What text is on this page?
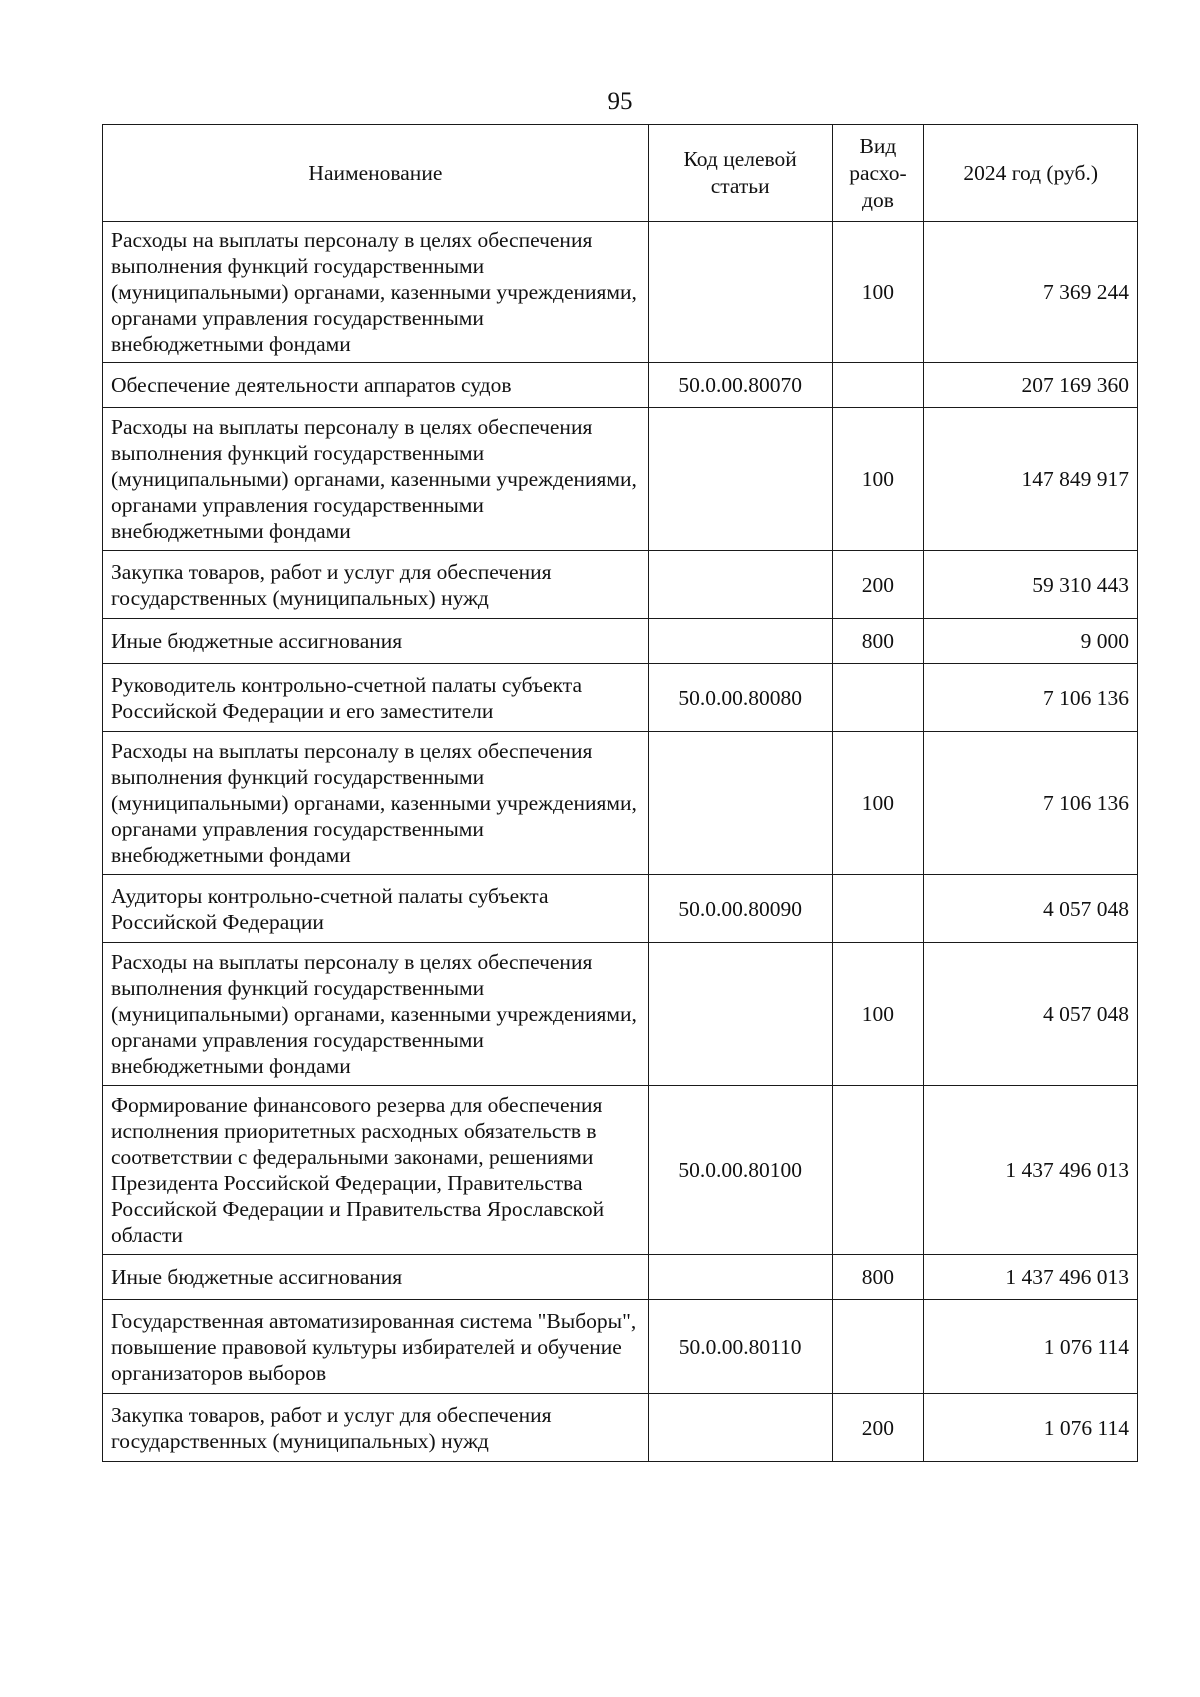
95
Наименование	Код целевой статьи	Вид расхо-дов	2024 год (руб.)
Расходы на выплаты персоналу в целях обеспечения выполнения функций государственными (муниципальными) органами, казенными учреждениями, органами управления государственными внебюджетными фондами		100	7 369 244
Обеспечение деятельности аппаратов судов	50.0.00.80070		207 169 360
Расходы на выплаты персоналу в целях обеспечения выполнения функций государственными (муниципальными) органами, казенными учреждениями, органами управления государственными внебюджетными фондами		100	147 849 917
Закупка товаров, работ и услуг для обеспечения государственных (муниципальных) нужд		200	59 310 443
Иные бюджетные ассигнования		800	9 000
Руководитель контрольно-счетной палаты субъекта Российской Федерации и его заместители	50.0.00.80080		7 106 136
Расходы на выплаты персоналу в целях обеспечения выполнения функций государственными (муниципальными) органами, казенными учреждениями, органами управления государственными внебюджетными фондами		100	7 106 136
Аудиторы контрольно-счетной палаты субъекта Российской Федерации	50.0.00.80090		4 057 048
Расходы на выплаты персоналу в целях обеспечения выполнения функций государственными (муниципальными) органами, казенными учреждениями, органами управления государственными внебюджетными фондами		100	4 057 048
Формирование финансового резерва для обеспечения исполнения приоритетных расходных обязательств в соответствии с федеральными законами, решениями Президента Российской Федерации, Правительства Российской Федерации и Правительства Ярославской области	50.0.00.80100		1 437 496 013
Иные бюджетные ассигнования		800	1 437 496 013
Государственная автоматизированная система "Выборы", повышение правовой культуры избирателей и обучение организаторов выборов	50.0.00.80110		1 076 114
Закупка товаров, работ и услуг для обеспечения государственных (муниципальных) нужд		200	1 076 114
